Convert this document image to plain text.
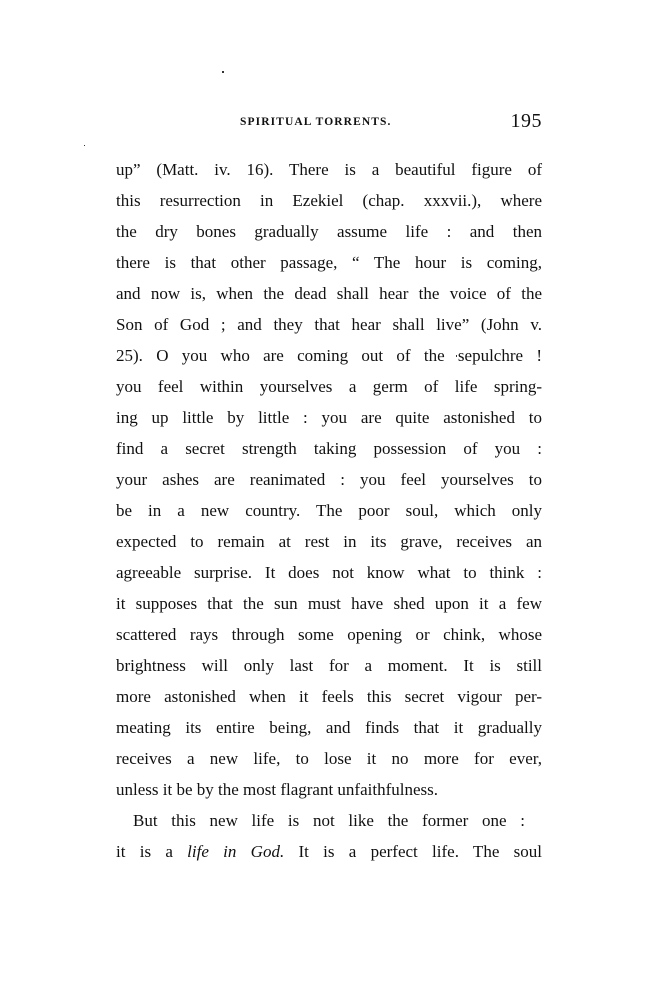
SPIRITUAL TORRENTS.	195
up” (Matt. iv. 16). There is a beautiful figure of
this resurrection in Ezekiel (chap. xxxvii.), where
the dry bones gradually assume life : and then
there is that other passage, “ The hour is coming,
and now is, when the dead shall hear the voice of the
Son of God ; and they that hear shall live” (John v.
25). O you who are coming out of the sepulchre !
you feel within yourselves a germ of life spring-
ing up little by little : you are quite astonished to
find a secret strength taking possession of you :
your ashes are reanimated : you feel yourselves to
be in a new country. The poor soul, which only
expected to remain at rest in its grave, receives an
agreeable surprise. It does not know what to think :
it supposes that the sun must have shed upon it a few
scattered rays through some opening or chink, whose
brightness will only last for a moment. It is still
more astonished when it feels this secret vigour per-
meating its entire being, and finds that it gradually
receives a new life, to lose it no more for ever,
unless it be by the most flagrant unfaithfulness.
But this new life is not like the former one :
it is a life in God. It is a perfect life. The soul
